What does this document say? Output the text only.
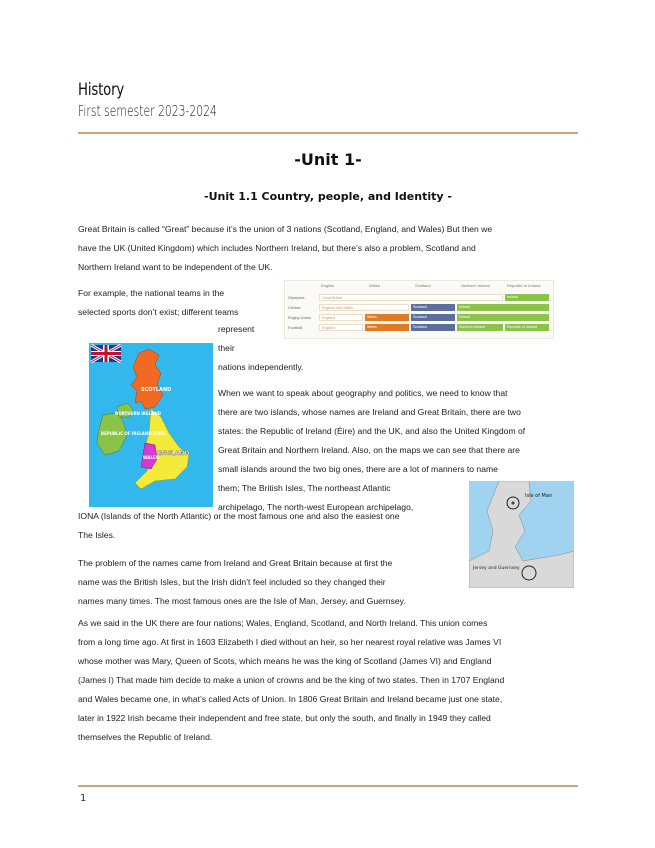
History
First semester 2023-2024
-Unit 1-
-Unit 1.1 Country, people, and Identity -
Great Britain is called “Great” because it’s the union of 3 nations (Scotland, England, and Wales) But then we
have the UK (United Kingdom) which includes Northern Ireland, but there’s also a problem, Scotland and
Northern Ireland want to be independent of the UK.
For example, the national teams in the
selected sports don’t exist; different teams
represent
their
nations independently.
English	Wales	Scotland	Northern Ireland	Republic of Ireland
Olympics	Great Britain	Ireland
Cricket	England and Wales	Scotland	Ireland
Rugby Union	England	Wales	Scotland	Ireland
Football	England	Wales	Scotland	Northern Ireland	Republic of Ireland
SCOTLAND
NORTHERN IRELAND
REPUBLIC OF IRELAND (EIRE)
WALES
ENGLAND
When we want to speak about geography and politics, we need to know that
there are two islands, whose names are Ireland and Great Britain, there are two
states: the Republic of Ireland (Éire) and the UK, and also the United Kingdom of
Great Britain and Northern Ireland. Also, on the maps we can see that there are
small islands around the two big ones, there are a lot of manners to name
them; The British Isles, The northeast Atlantic
archipelago, The north-west European archipelago,
IONA (Islands of the North Atlantic) or the most famous one and also the easiest one
The Isles.
Isle of Man
Jersey and Guernsey
The problem of the names came from Ireland and Great Britain because at first the
name was the British Isles, but the Irish didn’t feel included so they changed their
names many times. The most famous ones are the Isle of Man, Jersey, and Guernsey.
As we said in the UK there are four nations; Wales, England, Scotland, and North Ireland. This union comes
from a long time ago. At first in 1603 Elizabeth I died without an heir, so her nearest royal relative was James VI
whose mother was Mary, Queen of Scots, which means he was the king of Scotland (James VI) and England
(James I) That made him decide to make a union of crowns and be the king of two states. Then in 1707 England
and Wales became one, in what’s called Acts of Union. In 1806 Great Britain and Ireland became just one state,
later in 1922 Irish became their independent and free state, but only the south, and finally in 1949 they called
themselves the Republic of Ireland.
1
